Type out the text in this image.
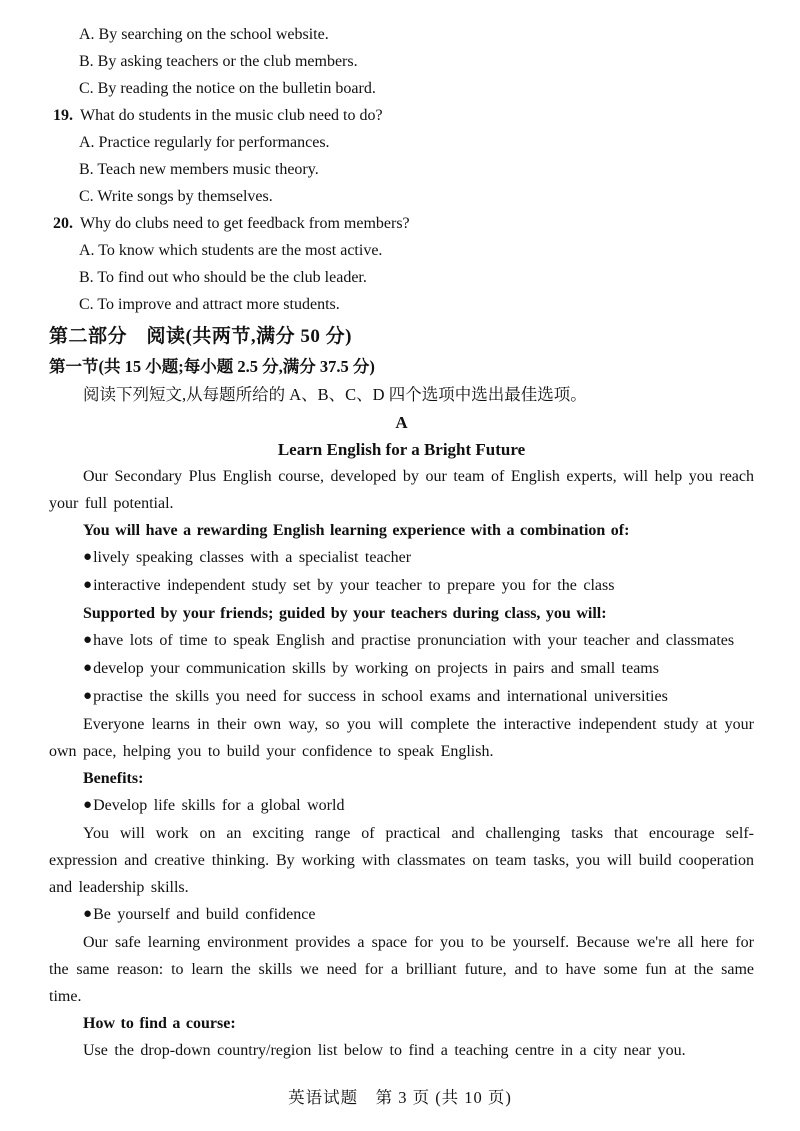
A. By searching on the school website.
B. By asking teachers or the club members.
C. By reading the notice on the bulletin board.
19. What do students in the music club need to do?
A. Practice regularly for performances.
B. Teach new members music theory.
C. Write songs by themselves.
20. Why do clubs need to get feedback from members?
A. To know which students are the most active.
B. To find out who should be the club leader.
C. To improve and attract more students.
第二部分　阅读(共两节,满分 50 分)
第一节(共 15 小题;每小题 2.5 分,满分 37.5 分)
阅读下列短文,从每题所给的 A、B、C、D 四个选项中选出最佳选项。
A
Learn English for a Bright Future
Our Secondary Plus English course, developed by our team of English experts, will help you reach your full potential.
You will have a rewarding English learning experience with a combination of:
●lively speaking classes with a specialist teacher
●interactive independent study set by your teacher to prepare you for the class
Supported by your friends; guided by your teachers during class, you will:
●have lots of time to speak English and practise pronunciation with your teacher and classmates
●develop your communication skills by working on projects in pairs and small teams
●practise the skills you need for success in school exams and international universities
Everyone learns in their own way, so you will complete the interactive independent study at your own pace, helping you to build your confidence to speak English.
Benefits:
●Develop life skills for a global world
You will work on an exciting range of practical and challenging tasks that encourage self-expression and creative thinking. By working with classmates on team tasks, you will build cooperation and leadership skills.
●Be yourself and build confidence
Our safe learning environment provides a space for you to be yourself. Because we're all here for the same reason: to learn the skills we need for a brilliant future, and to have some fun at the same time.
How to find a course:
Use the drop-down country/region list below to find a teaching centre in a city near you.
英语试题　第 3 页 (共 10 页)
